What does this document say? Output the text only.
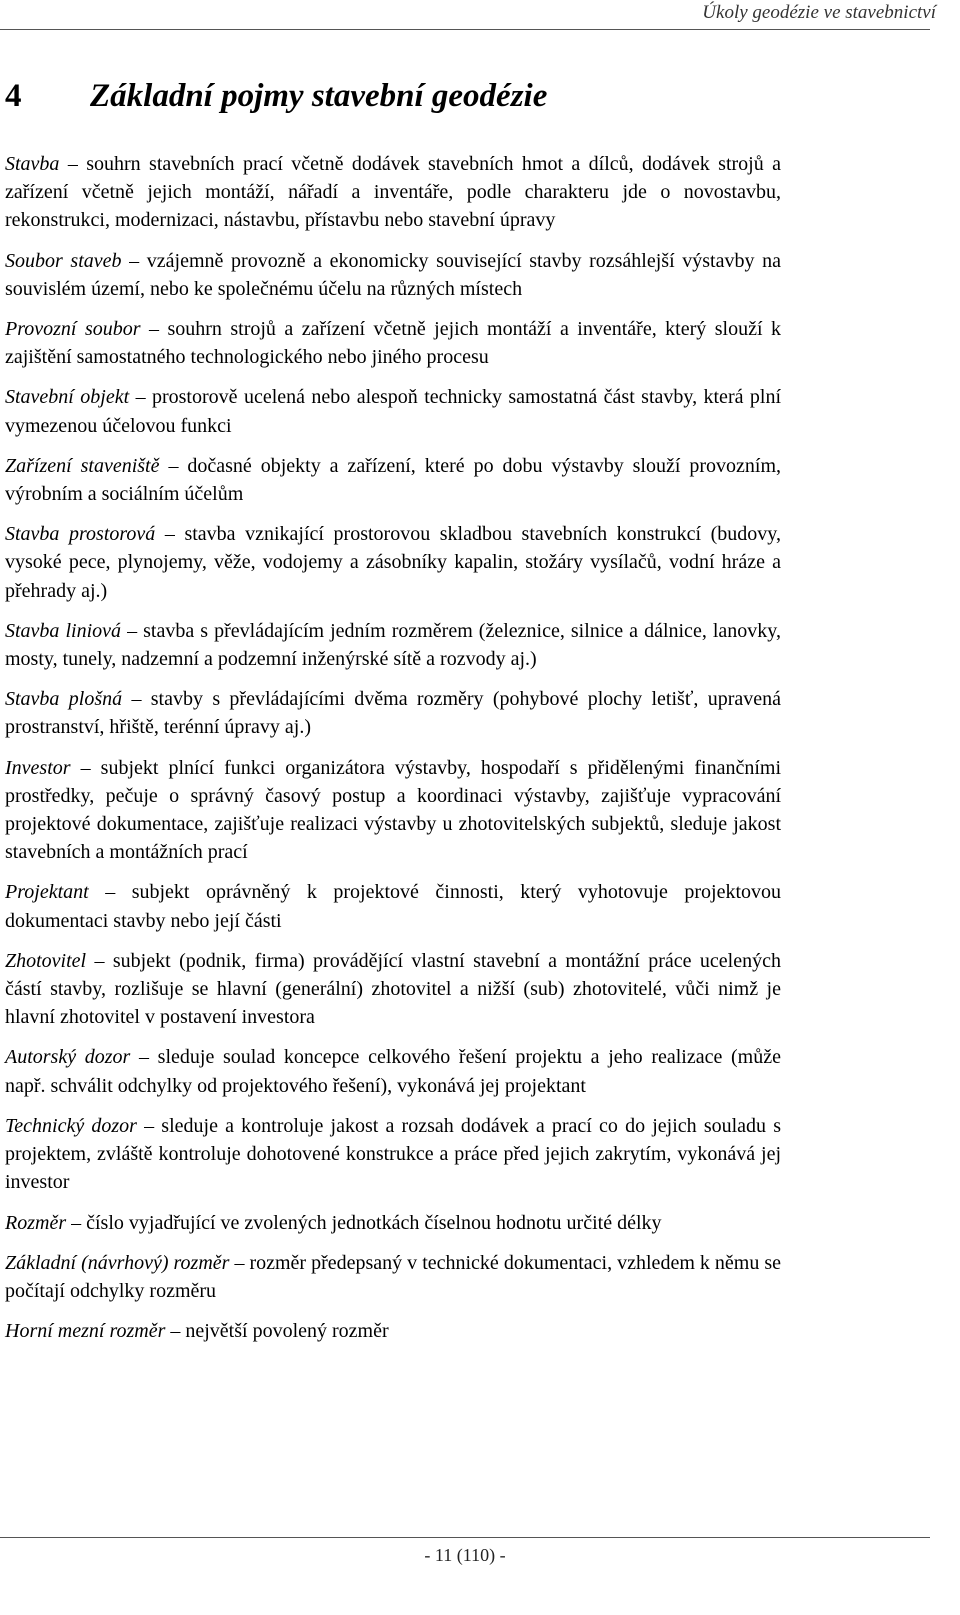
Úkoly geodézie ve stavebnictví
4 Základní pojmy stavební geodézie

Stavba – souhrn stavebních prací včetně dodávek stavebních hmot a dílců, dodávek strojů a zařízení včetně jejich montáží, nářadí a inventáře, podle charakteru jde o novostavbu, rekonstrukci, modernizaci, nástavbu, přístavbu nebo stavební úpravy

Soubor staveb – vzájemně provozně a ekonomicky související stavby rozsáhlejší výstavby na souvislém území, nebo ke společnému účelu na různých místech

Provozní soubor – souhrn strojů a zařízení včetně jejich montáží a inventáře, který slouží k zajištění samostatného technologického nebo jiného procesu

Stavební objekt – prostorově ucelená nebo alespoň technicky samostatná část stavby, která plní vymezenou účelovou funkci

Zařízení staveniště – dočasné objekty a zařízení, které po dobu výstavby slouží provozním, výrobním a sociálním účelům

Stavba prostorová – stavba vznikající prostorovou skladbou stavebních konstrukcí (budovy, vysoké pece, plynojemy, věže, vodojemy a zásobníky kapalin, stožáry vysílačů, vodní hráze a přehrady aj.)

Stavba liniová – stavba s převládajícím jedním rozměrem (železnice, silnice a dálnice, lanovky, mosty, tunely, nadzemní a podzemní inženýrské sítě a rozvody aj.)

Stavba plošná – stavby s převládajícími dvěma rozměry (pohybové plochy letišť, upravená prostranství, hřiště, terénní úpravy aj.)

Investor – subjekt plnící funkci organizátora výstavby, hospodaří s přidělenými finančními prostředky, pečuje o správný časový postup a koordinaci výstavby, zajišťuje vypracování projektové dokumentace, zajišťuje realizaci výstavby u zhotovitelských subjektů, sleduje jakost stavebních a montážních prací

Projektant – subjekt oprávněný k projektové činnosti, který vyhotovuje projektovou dokumentaci stavby nebo její části

Zhotovitel – subjekt (podnik, firma) provádějící vlastní stavební a montážní práce ucelených částí stavby, rozlišuje se hlavní (generální) zhotovitel a nižší (sub) zhotovitelé, vůči nimž je hlavní zhotovitel v postavení investora

Autorský dozor – sleduje soulad koncepce celkového řešení projektu a jeho realizace (může např. schválit odchylky od projektového řešení), vykonává jej projektant

Technický dozor – sleduje a kontroluje jakost a rozsah dodávek a prací co do jejich souladu s projektem, zvláště kontroluje dohotovené konstrukce a práce před jejich zakrytím, vykonává jej investor

Rozměr – číslo vyjadřující ve zvolených jednotkách číselnou hodnotu určité délky

Základní (návrhový) rozměr – rozměr předepsaný v technické dokumentaci, vzhledem k němu se počítají odchylky rozměru

Horní mezní rozměr – největší povolený rozměr

- 11 (110) -
